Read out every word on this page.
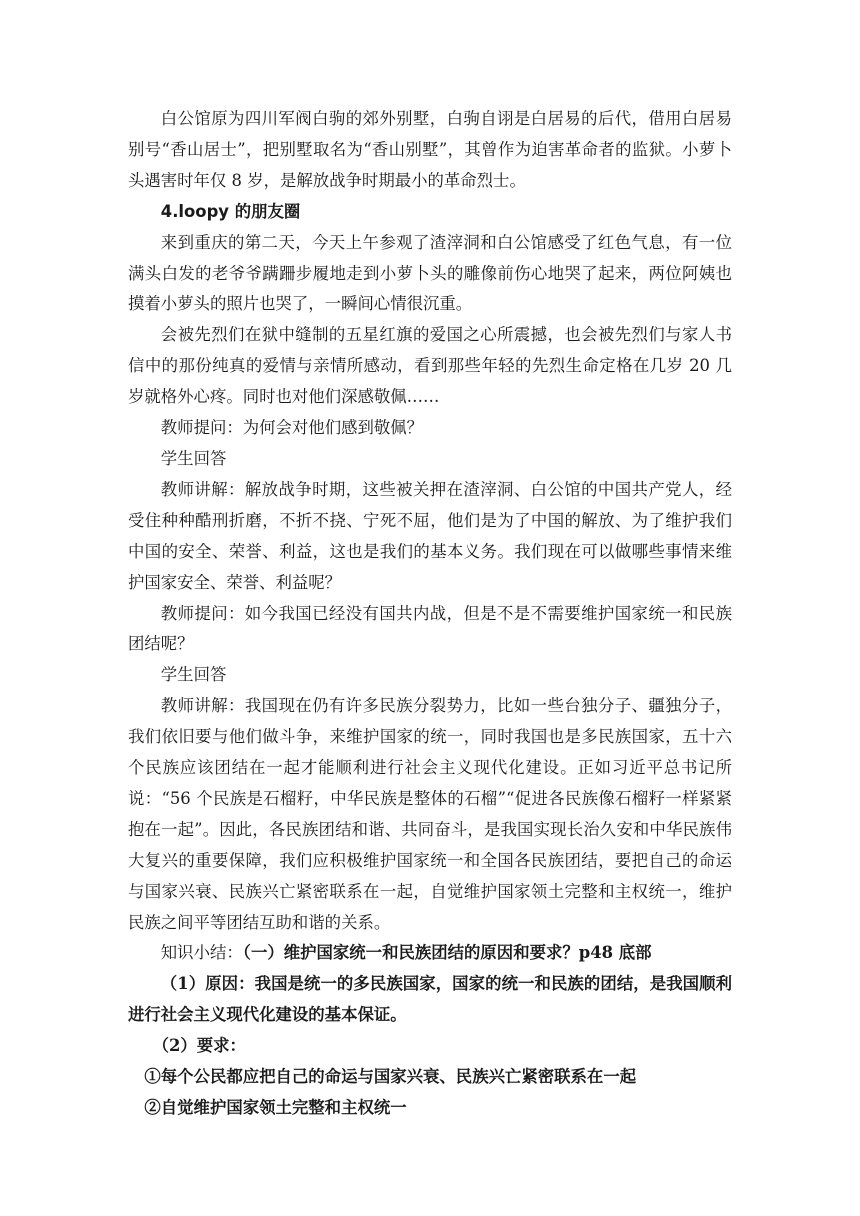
白公馆原为四川军阀白驹的郊外别墅，白驹自诩是白居易的后代，借用白居易别号“香山居士”，把别墅取名为“香山别墅”，其曾作为迫害革命者的监狱。小萝卜头遇害时年仅 8 岁，是解放战争时期最小的革命烈士。

4.loopy 的朋友圈

来到重庆的第二天，今天上午参观了渣滓洞和白公馆感受了红色气息，有一位满头白发的老爷爷蹒跚步履地走到小萝卜头的雕像前伤心地哭了起来，两位阿姨也摸着小萝头的照片也哭了，一瞬间心情很沉重。

会被先烈们在狱中缝制的五星红旗的爱国之心所震撼，也会被先烈们与家人书信中的那份纯真的爱情与亲情所感动，看到那些年轻的先烈生命定格在几岁 20 几岁就格外心疼。同时也对他们深感敬佩……

教师提问：为何会对他们感到敬佩？

学生回答

教师讲解：解放战争时期，这些被关押在渣滓洞、白公馆的中国共产党人，经受住种种酷刑折磨，不折不挠、宁死不屈，他们是为了中国的解放、为了维护我们中国的安全、荣誉、利益，这也是我们的基本义务。我们现在可以做哪些事情来维护国家安全、荣誉、利益呢？

教师提问：如今我国已经没有国共内战，但是不是不需要维护国家统一和民族团结呢？

学生回答

教师讲解：我国现在仍有许多民族分裂势力，比如一些台独分子、疆独分子，我们依旧要与他们做斗争，来维护国家的统一，同时我国也是多民族国家，五十六个民族应该团结在一起才能顺利进行社会主义现代化建设。正如习近平总书记所说：“56 个民族是石榴籽，中华民族是整体的石榴”“促进各民族像石榴籽一样紧紧抱在一起”。因此，各民族团结和谐、共同奋斗，是我国实现长治久安和中华民族伟大复兴的重要保障，我们应积极维护国家统一和全国各民族团结，要把自己的命运与国家兴衰、民族兴亡紧密联系在一起，自觉维护国家领土完整和主权统一，维护民族之间平等团结互助和谐的关系。

知识小结：（一）维护国家统一和民族团结的原因和要求？p48 底部

（1）原因：我国是统一的多民族国家，国家的统一和民族的团结，是我国顺利进行社会主义现代化建设的基本保证。

（2）要求：

①每个公民都应把自己的命运与国家兴衰、民族兴亡紧密联系在一起

②自觉维护国家领土完整和主权统一
